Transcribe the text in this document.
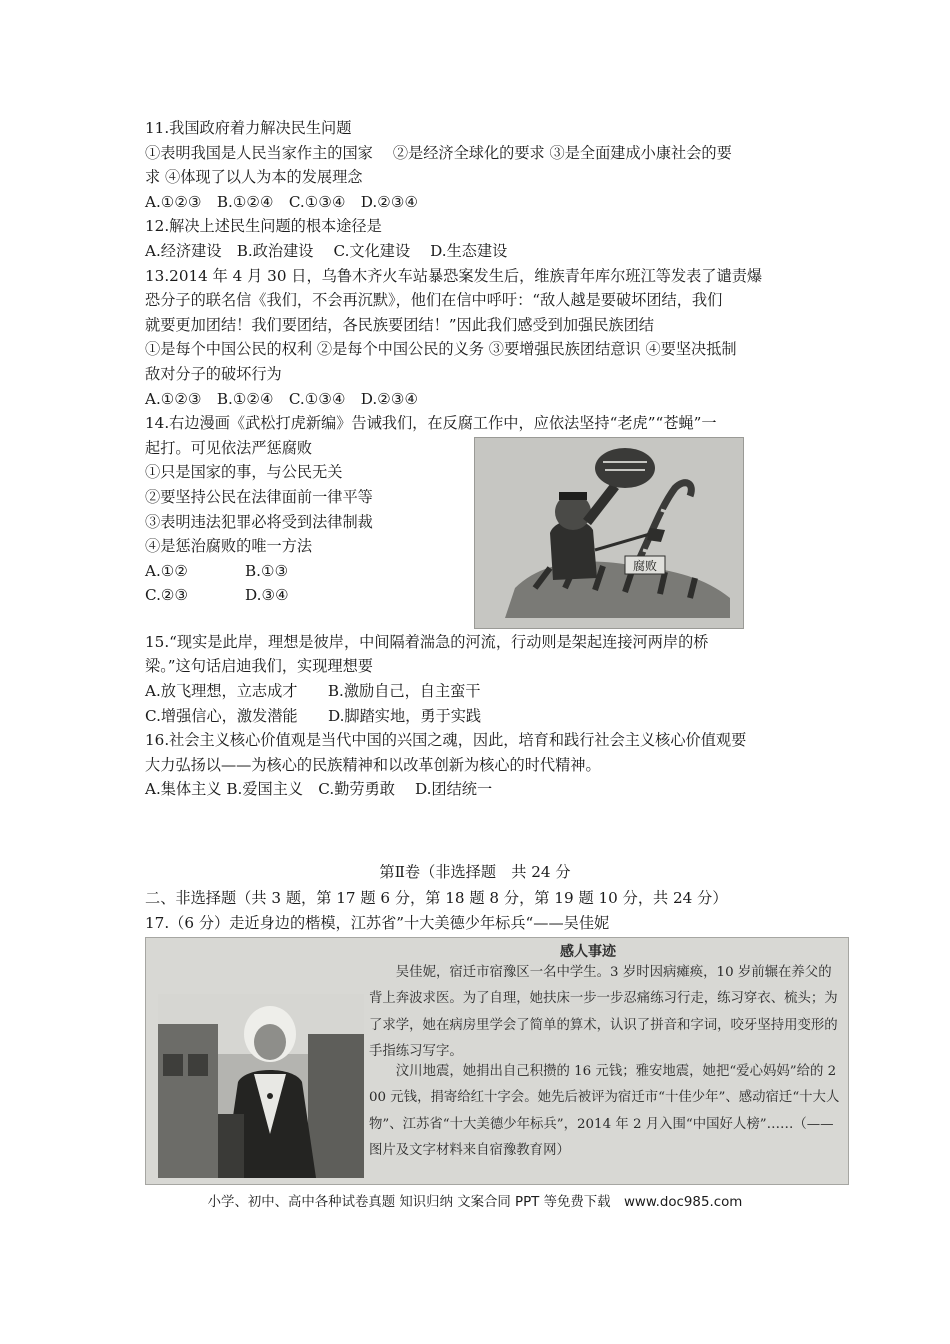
11.我国政府着力解决民生问题
①表明我国是人民当家作主的国家　 ②是经济全球化的要求 ③是全面建成小康社会的要
求 ④体现了以人为本的发展理念
A.①②③　B.①②④　C.①③④　D.②③④
12.解决上述民生问题的根本途径是
A.经济建设　B.政治建设　 C.文化建设　 D.生态建设
13.2014 年 4 月 30 日，乌鲁木齐火车站暴恐案发生后，维族青年库尔班江等发表了谴责爆
恐分子的联名信《我们，不会再沉默》，他们在信中呼吁：“敌人越是要破坏团结，我们
就要更加团结！我们要团结，各民族要团结！”因此我们感受到加强民族团结
①是每个中国公民的权利 ②是每个中国公民的义务 ③要增强民族团结意识 ④要坚决抵制
敌对分子的破坏行为
A.①②③　B.①②④　C.①③④　D.②③④
14.右边漫画《武松打虎新编》告诫我们，在反腐工作中，应依法坚持“老虎”“苍蝇”一
起打。可见依法严惩腐败
①只是国家的事，与公民无关
②要坚持公民在法律面前一律平等
③表明违法犯罪必将受到法律制裁
④是惩治腐败的唯一方法
A.①②	B.①③
C.②③	D.③④
15.“现实是此岸，理想是彼岸，中间隔着湍急的河流，行动则是架起连接河两岸的桥
梁。”这句话启迪我们，实现理想要
A.放飞理想，立志成才　　B.激励自己，自主蛮干
C.增强信心，激发潜能　　D.脚踏实地，勇于实践
16.社会主义核心价值观是当代中国的兴国之魂，因此，培育和践行社会主义核心价值观要
大力弘扬以——为核心的民族精神和以改革创新为核心的时代精神。
A.集体主义 B.爱国主义　C.勤劳勇敢　 D.团结统一
腐败
第Ⅱ卷（非选择题　共 24 分
二、非选择题（共 3 题，第 17 题 6 分，第 18 题 8 分，第 19 题 10 分，共 24 分）
17.（6 分）走近身边的楷模，江苏省”十大美德少年标兵“——吴佳妮
感人事迹
吴佳妮，宿迁市宿豫区一名中学生。3 岁时因病瘫痪，10 岁前辗在养父的背上奔波求医。为了自理，她扶床一步一步忍痛练习行走，练习穿衣、梳头；为了求学，她在病房里学会了简单的算术，认识了拼音和字词，咬牙坚持用变形的手指练习写字。
汶川地震，她捐出自己积攒的 16 元钱；雅安地震，她把“爱心妈妈”给的 200 元钱，捐寄给红十字会。她先后被评为宿迁市“十佳少年”、感动宿迁“十大人物”、江苏省“十大美德少年标兵”，2014 年 2 月入围“中国好人榜”……（——图片及文字材料来自宿豫教育网）
小学、初中、高中各种试卷真题 知识归纳 文案合同 PPT 等免费下载　www.doc985.com
